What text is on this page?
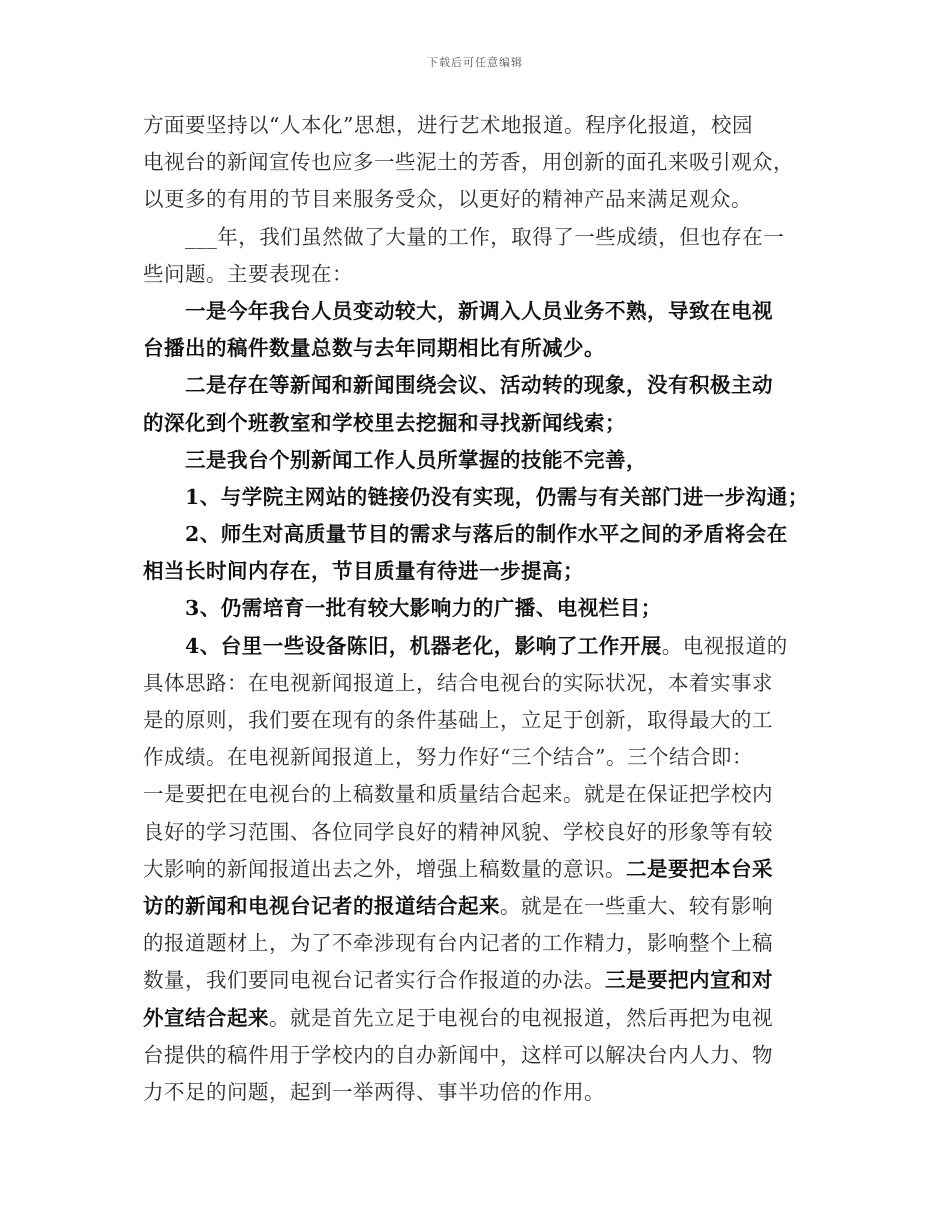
下载后可任意编辑
方面要坚持以“人本化”思想，进行艺术地报道。程序化报道，校园
电视台的新闻宣传也应多一些泥土的芳香，用创新的面孔来吸引观众，
以更多的有用的节目来服务受众，以更好的精神产品来满足观众。
___年，我们虽然做了大量的工作，取得了一些成绩，但也存在一
些问题。主要表现在：
一是今年我台人员变动较大，新调入人员业务不熟，导致在电视
台播出的稿件数量总数与去年同期相比有所减少。
二是存在等新闻和新闻围绕会议、活动转的现象，没有积极主动
的深化到个班教室和学校里去挖掘和寻找新闻线索；
三是我台个别新闻工作人员所掌握的技能不完善，
1、与学院主网站的链接仍没有实现，仍需与有关部门进一步沟通；
2、师生对高质量节目的需求与落后的制作水平之间的矛盾将会在
相当长时间内存在，节目质量有待进一步提高；
3、仍需培育一批有较大影响力的广播、电视栏目；
4、台里一些设备陈旧，机器老化，影响了工作开展。电视报道的
具体思路：在电视新闻报道上，结合电视台的实际状况，本着实事求
是的原则，我们要在现有的条件基础上，立足于创新，取得最大的工
作成绩。在电视新闻报道上，努力作好“三个结合”。三个结合即：
一是要把在电视台的上稿数量和质量结合起来。就是在保证把学校内
良好的学习范围、各位同学良好的精神风貌、学校良好的形象等有较
大影响的新闻报道出去之外，增强上稿数量的意识。二是要把本台采
访的新闻和电视台记者的报道结合起来。就是在一些重大、较有影响
的报道题材上，为了不牵涉现有台内记者的工作精力，影响整个上稿
数量，我们要同电视台记者实行合作报道的办法。三是要把内宣和对
外宣结合起来。就是首先立足于电视台的电视报道，然后再把为电视
台提供的稿件用于学校内的自办新闻中，这样可以解决台内人力、物
力不足的问题，起到一举两得、事半功倍的作用。
